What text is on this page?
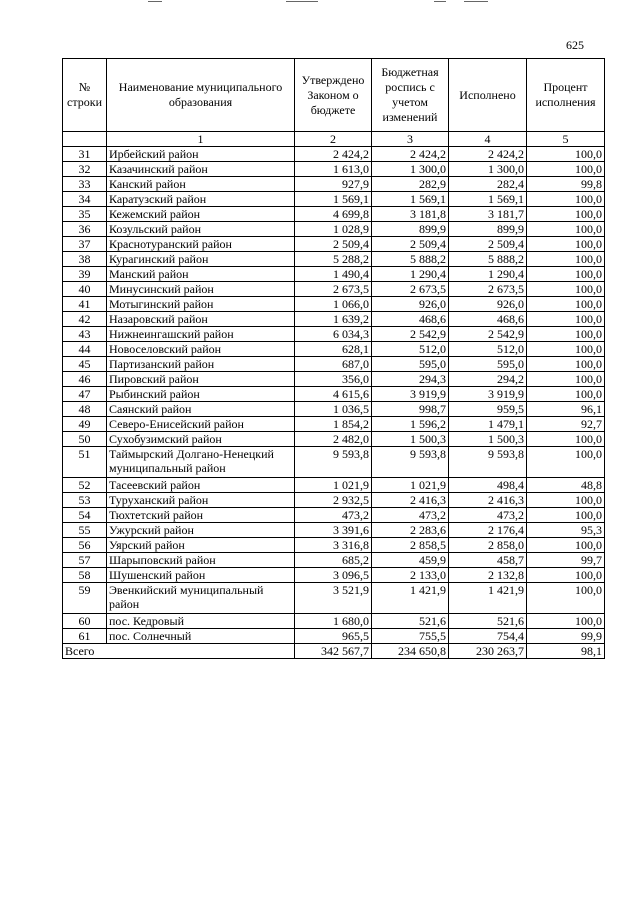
625
№ строки	Наименование муниципального образования	Утверждено Законом о бюджете	Бюджетная роспись с учетом изменений	Исполнено	Процент исполнения
	1	2	3	4	5
31	Ирбейский район	2 424,2	2 424,2	2 424,2	100,0
32	Казачинский район	1 613,0	1 300,0	1 300,0	100,0
33	Канский район	927,9	282,9	282,4	99,8
34	Каратузский район	1 569,1	1 569,1	1 569,1	100,0
35	Кежемский район	4 699,8	3 181,8	3 181,7	100,0
36	Козульский район	1 028,9	899,9	899,9	100,0
37	Краснотуранский район	2 509,4	2 509,4	2 509,4	100,0
38	Курагинский район	5 288,2	5 888,2	5 888,2	100,0
39	Манский район	1 490,4	1 290,4	1 290,4	100,0
40	Минусинский район	2 673,5	2 673,5	2 673,5	100,0
41	Мотыгинский район	1 066,0	926,0	926,0	100,0
42	Назаровский район	1 639,2	468,6	468,6	100,0
43	Нижнеингашский район	6 034,3	2 542,9	2 542,9	100,0
44	Новоселовский район	628,1	512,0	512,0	100,0
45	Партизанский район	687,0	595,0	595,0	100,0
46	Пировский район	356,0	294,3	294,2	100,0
47	Рыбинский район	4 615,6	3 919,9	3 919,9	100,0
48	Саянский район	1 036,5	998,7	959,5	96,1
49	Северо-Енисейский район	1 854,2	1 596,2	1 479,1	92,7
50	Сухобузимский район	2 482,0	1 500,3	1 500,3	100,0
51	Таймырский Долгано-Ненецкий муниципальный район	9 593,8	9 593,8	9 593,8	100,0
52	Тасеевский район	1 021,9	1 021,9	498,4	48,8
53	Туруханский район	2 932,5	2 416,3	2 416,3	100,0
54	Тюхтетский район	473,2	473,2	473,2	100,0
55	Ужурский район	3 391,6	2 283,6	2 176,4	95,3
56	Уярский район	3 316,8	2 858,5	2 858,0	100,0
57	Шарыповский район	685,2	459,9	458,7	99,7
58	Шушенский район	3 096,5	2 133,0	2 132,8	100,0
59	Эвенкийский муниципальный район	3 521,9	1 421,9	1 421,9	100,0
60	пос. Кедровый	1 680,0	521,6	521,6	100,0
61	пос. Солнечный	965,5	755,5	754,4	99,9
Всего		342 567,7	234 650,8	230 263,7	98,1
